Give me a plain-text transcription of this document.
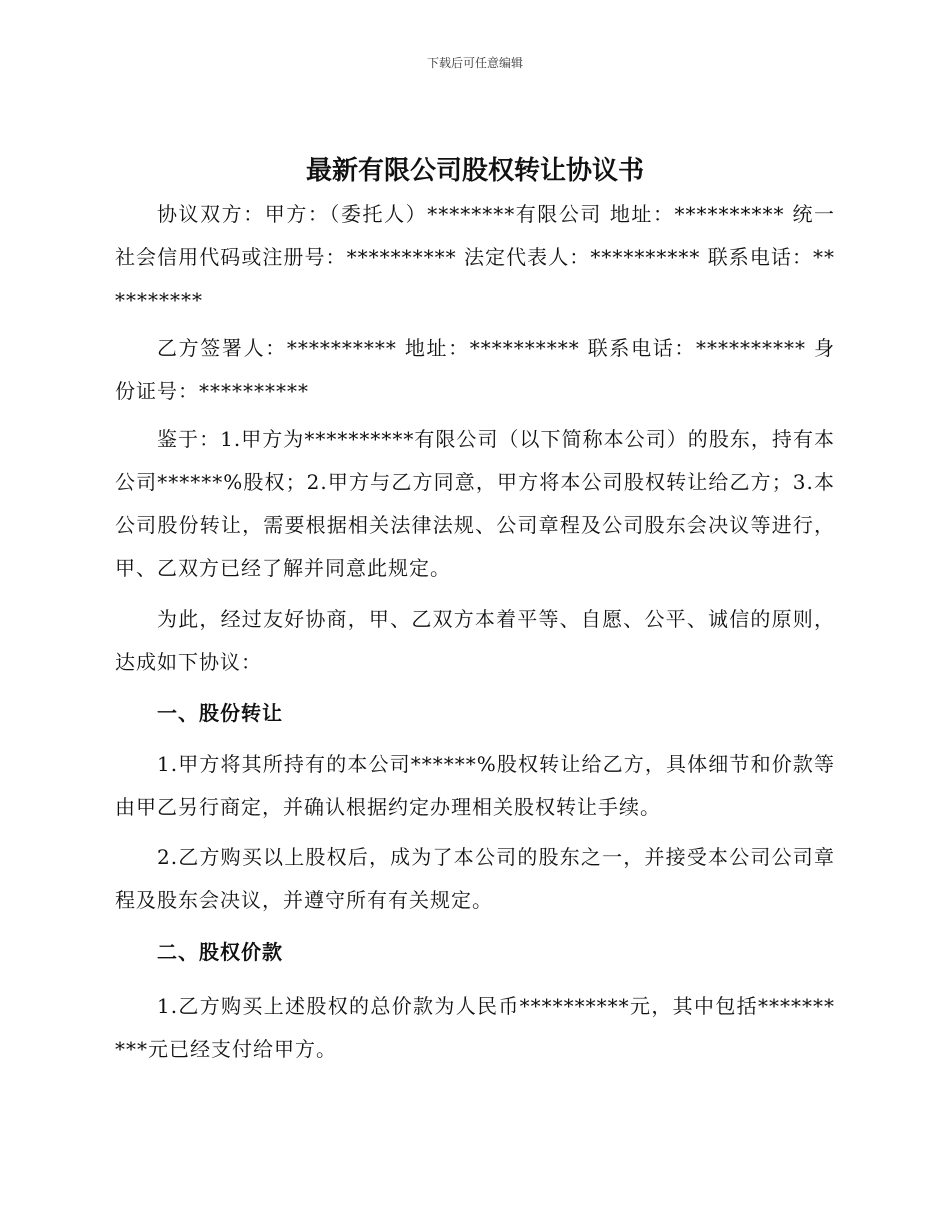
下载后可任意编辑
最新有限公司股权转让协议书

协议双方：甲方：（委托人）********有限公司 地址：********** 统一社会信用代码或注册号：********** 法定代表人：********** 联系电话：**********

乙方签署人：********** 地址：********** 联系电话：********** 身份证号：**********

鉴于：1.甲方为**********有限公司（以下简称本公司）的股东，持有本公司******%股权；2.甲方与乙方同意，甲方将本公司股权转让给乙方；3.本公司股份转让，需要根据相关法律法规、公司章程及公司股东会决议等进行，甲、乙双方已经了解并同意此规定。

为此，经过友好协商，甲、乙双方本着平等、自愿、公平、诚信的原则，达成如下协议：

一、股份转让

1.甲方将其所持有的本公司******%股权转让给乙方，具体细节和价款等由甲乙另行商定，并确认根据约定办理相关股权转让手续。

2.乙方购买以上股权后，成为了本公司的股东之一，并接受本公司公司章程及股东会决议，并遵守所有有关规定。

二、股权价款

1.乙方购买上述股权的总价款为人民币**********元，其中包括**********元已经支付给甲方。
